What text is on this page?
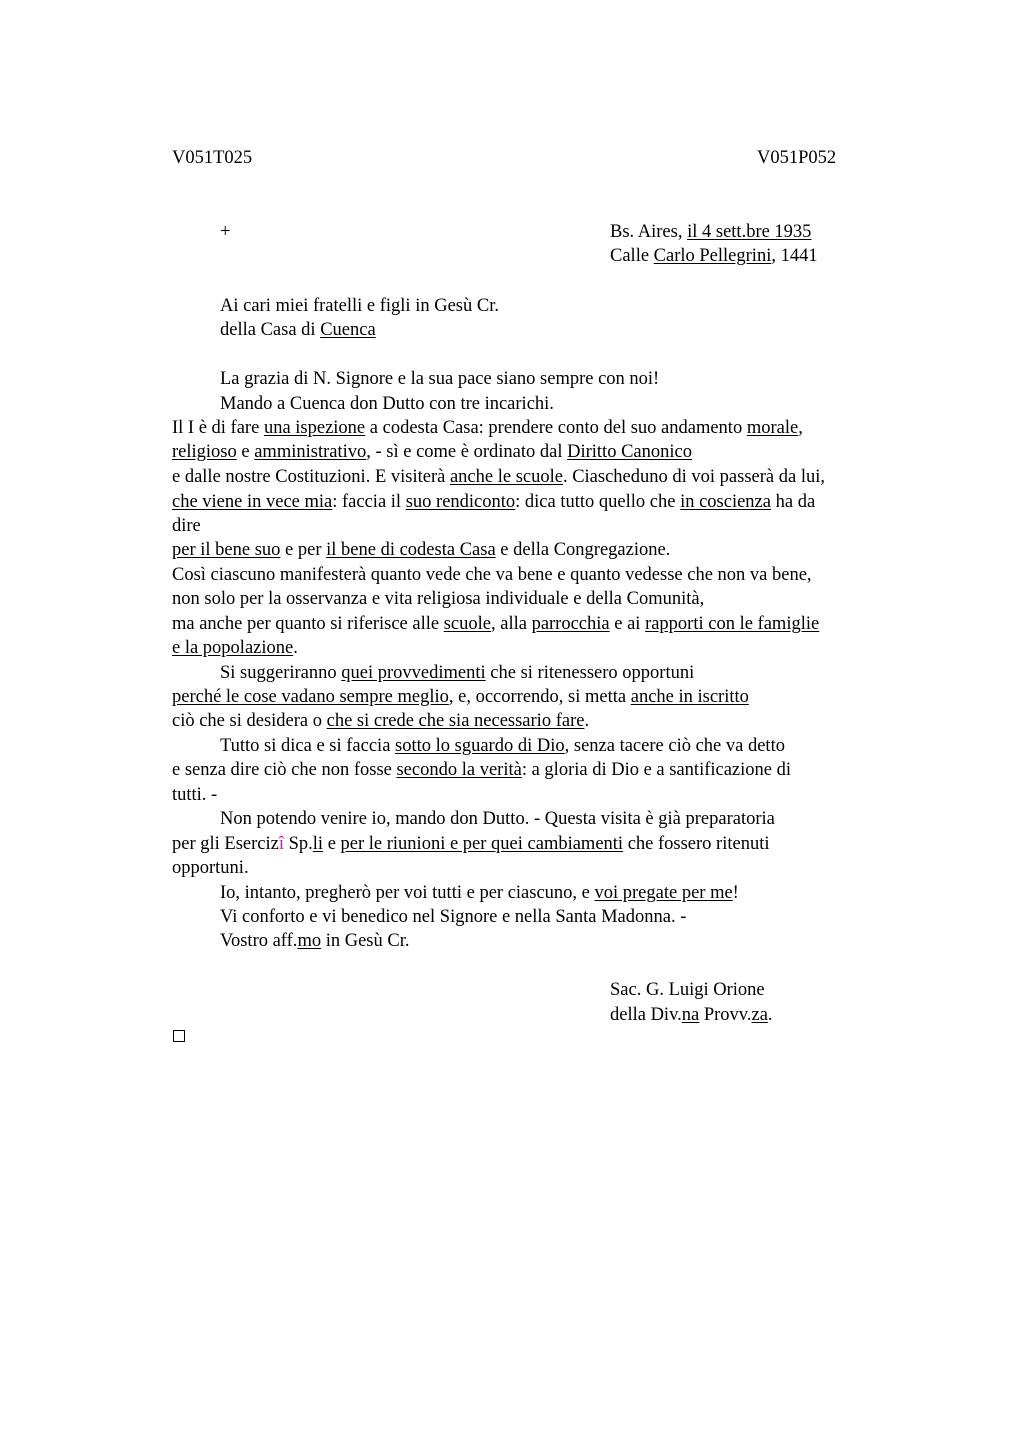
V051T025	V051P052
+	Bs. Aires, il 4 sett.bre 1935
Calle Carlo Pellegrini, 1441
Ai cari miei fratelli e figli in Gesù Cr.
della Casa di Cuenca
La grazia di N. Signore e la sua pace siano sempre con noi!
Mando a Cuenca don Dutto con tre incarichi.
Il I è di fare una ispezione a codesta Casa: prendere conto del suo andamento morale,
religioso e amministrativo, - sì e come è ordinato dal Diritto Canonico
e dalle nostre Costituzioni. E visiterà anche le scuole. Ciascheduno di voi passerà da lui,
che viene in vece mia: faccia il suo rendiconto: dica tutto quello che in coscienza ha da
dire
per il bene suo e per il bene di codesta Casa e della Congregazione.
Così ciascuno manifesterà quanto vede che va bene e quanto vedesse che non va bene,
non solo per la osservanza e vita religiosa individuale e della Comunità,
ma anche per quanto si riferisce alle scuole, alla parrocchia e ai rapporti con le famiglie
e la popolazione.
Si suggeriranno quei provvedimenti che si ritenessero opportuni
perché le cose vadano sempre meglio, e, occorrendo, si metta anche in iscritto
ciò che si desidera o che si crede che sia necessario fare.
Tutto si dica e si faccia sotto lo sguardo di Dio, senza tacere ciò che va detto
e senza dire ciò che non fosse secondo la verità: a gloria di Dio e a santificazione di
tutti. -
Non potendo venire io, mando don Dutto. - Questa visita è già preparatoria
per gli Esercizî Sp.li e per le riunioni e per quei cambiamenti che fossero ritenuti
opportuni.
Io, intanto, pregherò per voi tutti e per ciascuno, e voi pregate per me!
Vi conforto e vi benedico nel Signore e nella Santa Madonna. -
Vostro aff.mo in Gesù Cr.
Sac. G. Luigi Orione
della Div.na Provv.za.
